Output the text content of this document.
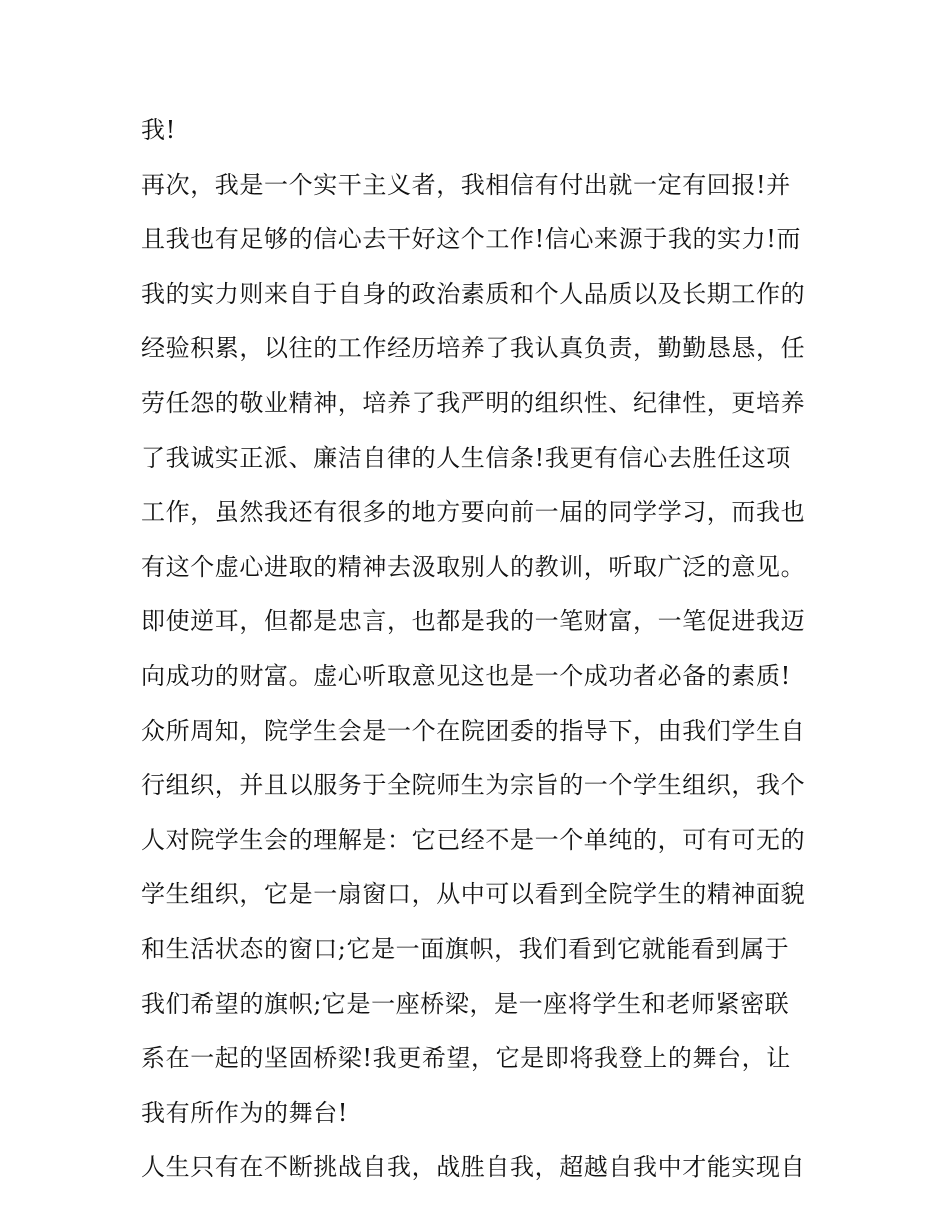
我!
再次，我是一个实干主义者，我相信有付出就一定有回报!并
且我也有足够的信心去干好这个工作!信心来源于我的实力!而
我的实力则来自于自身的政治素质和个人品质以及长期工作的
经验积累，以往的工作经历培养了我认真负责，勤勤恳恳，任
劳任怨的敬业精神，培养了我严明的组织性、纪律性，更培养
了我诚实正派、廉洁自律的人生信条!我更有信心去胜任这项
工作，虽然我还有很多的地方要向前一届的同学学习，而我也
有这个虚心进取的精神去汲取别人的教训，听取广泛的意见。
即使逆耳，但都是忠言，也都是我的一笔财富，一笔促进我迈
向成功的财富。虚心听取意见这也是一个成功者必备的素质!
众所周知，院学生会是一个在院团委的指导下，由我们学生自
行组织，并且以服务于全院师生为宗旨的一个学生组织，我个
人对院学生会的理解是：它已经不是一个单纯的，可有可无的
学生组织，它是一扇窗口，从中可以看到全院学生的精神面貌
和生活状态的窗口;它是一面旗帜，我们看到它就能看到属于
我们希望的旗帜;它是一座桥梁，是一座将学生和老师紧密联
系在一起的坚固桥梁!我更希望，它是即将我登上的舞台，让
我有所作为的舞台!
人生只有在不断挑战自我，战胜自我，超越自我中才能实现自
